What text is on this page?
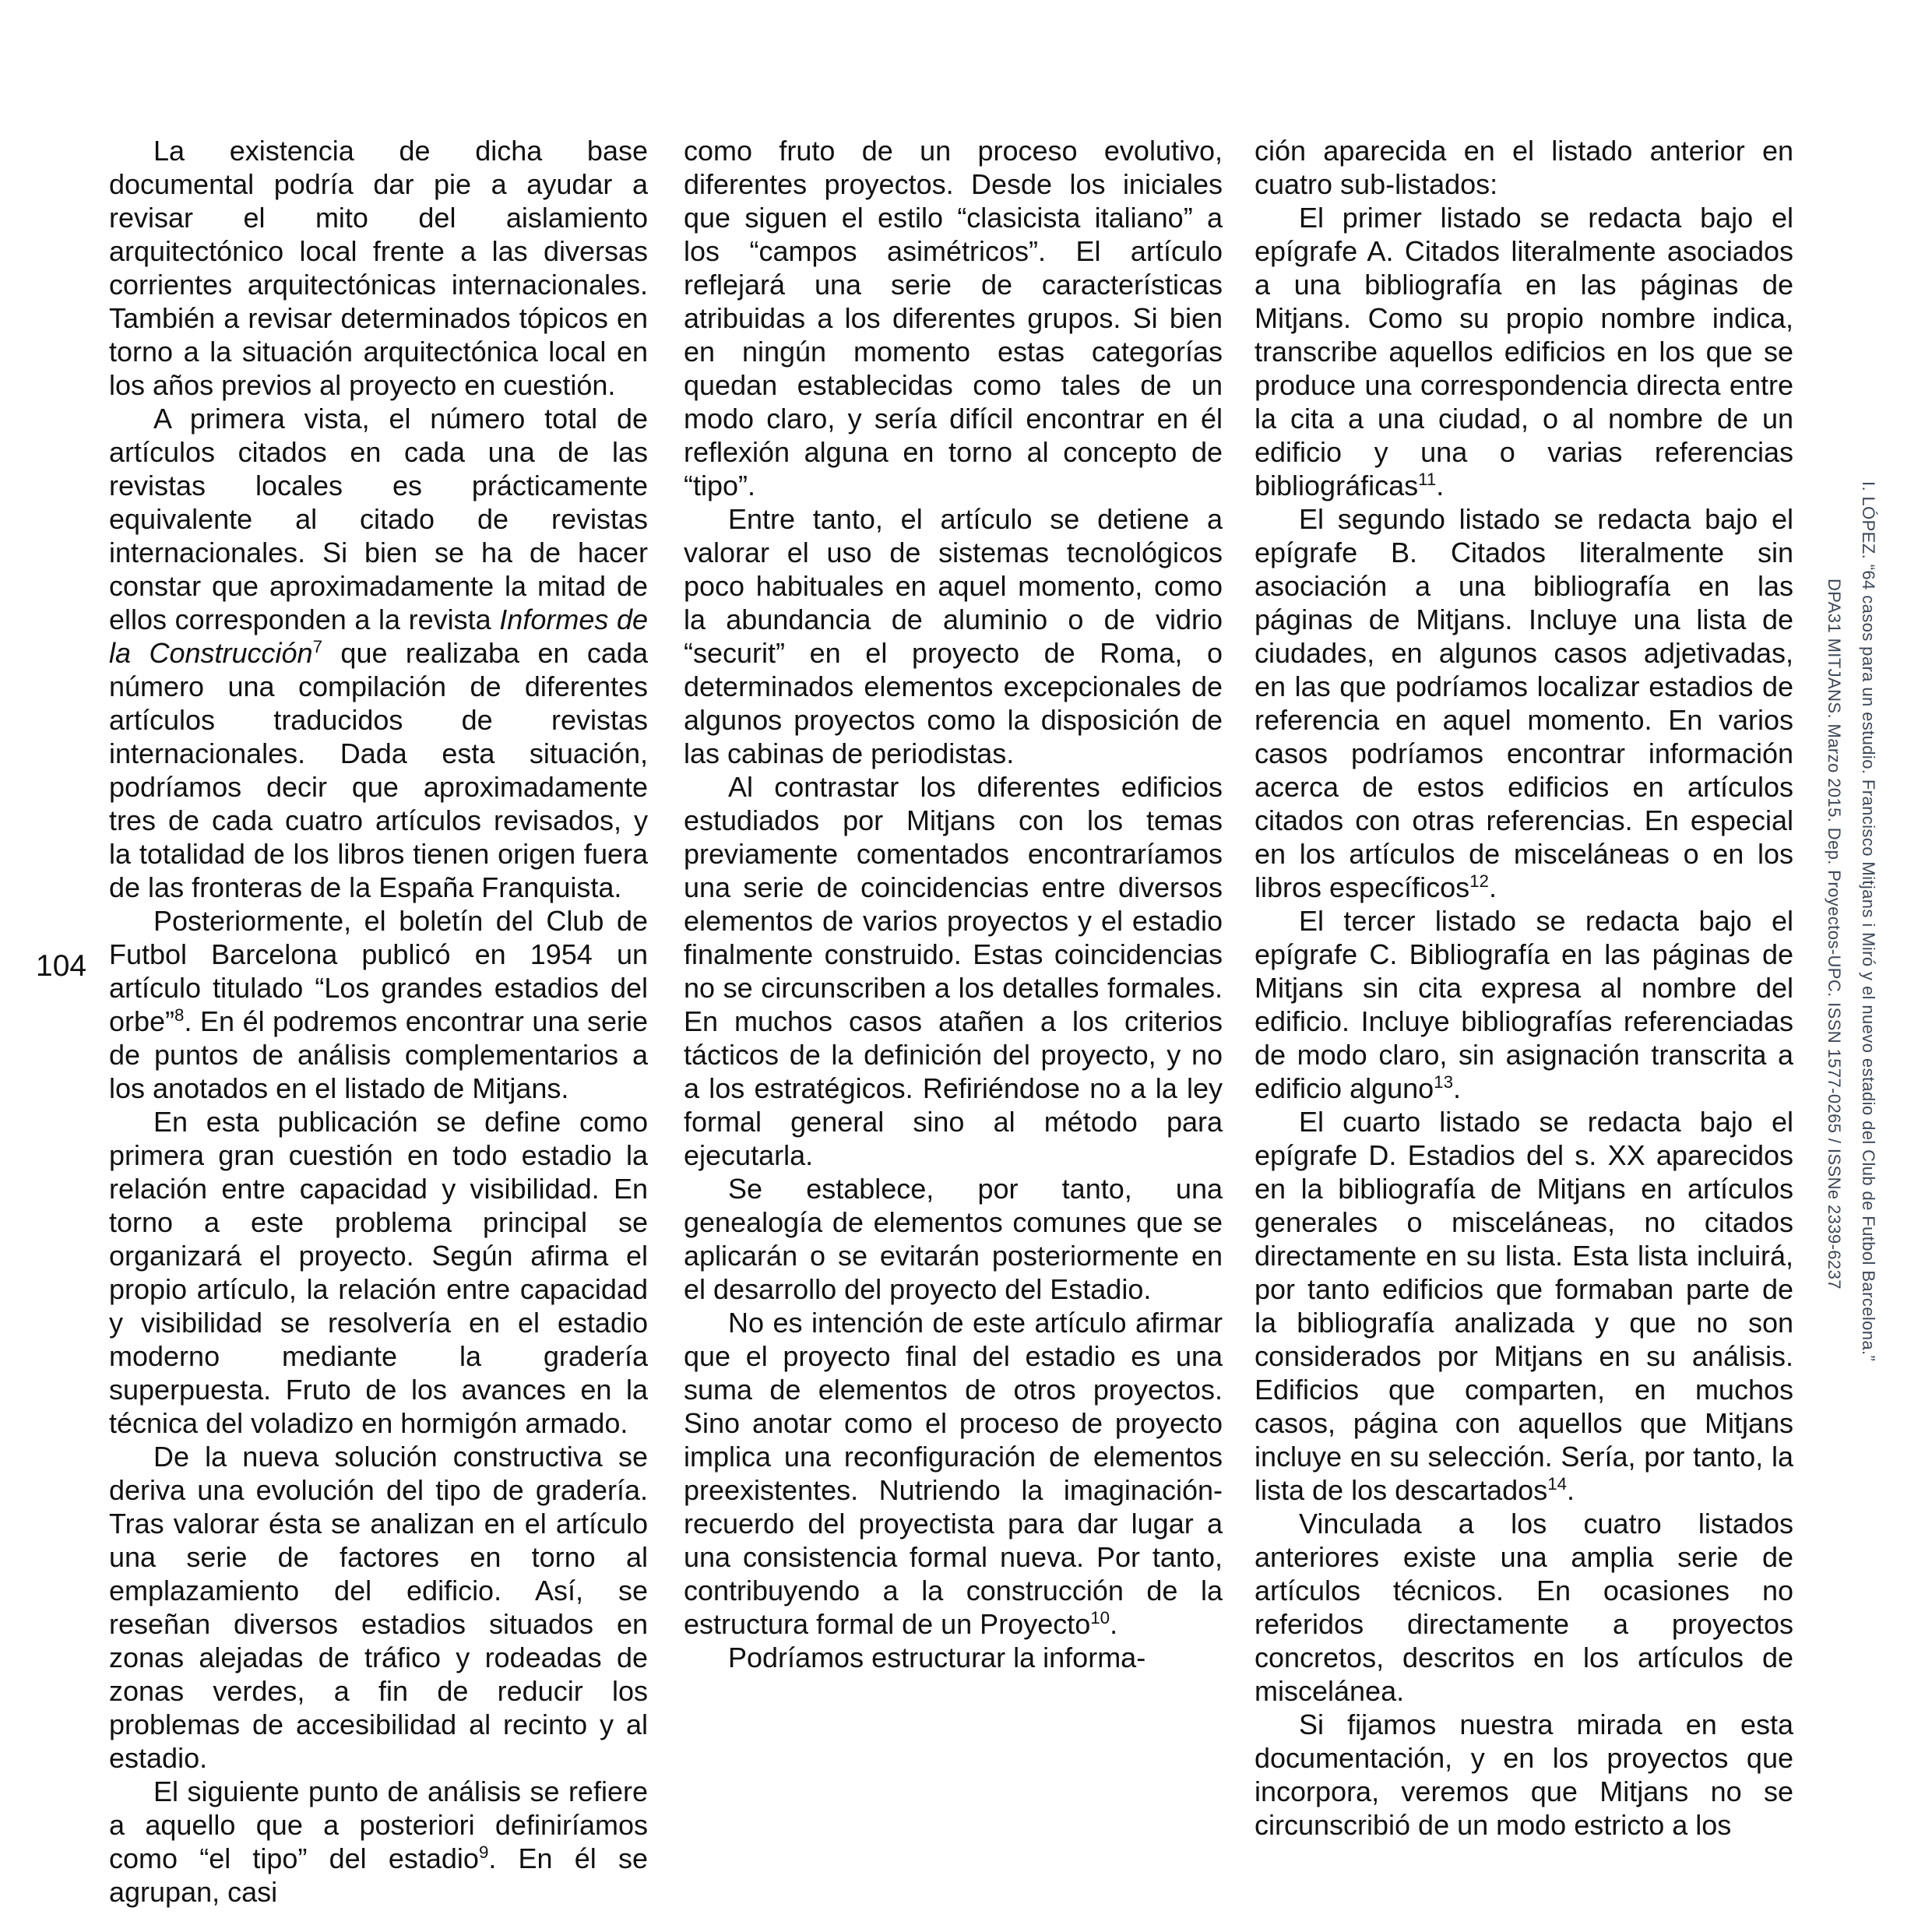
104

La existencia de dicha base documental podría dar pie a ayudar a revisar el mito del aislamiento arquitectónico local frente a las diversas corrientes arquitectónicas internacionales. También a revisar determinados tópicos en torno a la situación arquitectónica local en los años previos al proyecto en cuestión.

A primera vista, el número total de artículos citados en cada una de las revistas locales es prácticamente equivalente al citado de revistas internacionales. Si bien se ha de hacer constar que aproximadamente la mitad de ellos corresponden a la revista Informes de la Construcción$^7$ que realizaba en cada número una compilación de diferentes artículos traducidos de revistas internacionales. Dada esta situación, podríamos decir que aproximadamente tres de cada cuatro artículos revisados, y la totalidad de los libros tienen origen fuera de las fronteras de la España Franquista.

Posteriormente, el boletín del Club de Futbol Barcelona publicó en 1954 un artículo titulado “Los grandes estadios del orbe”$^8$. En él podremos encontrar una serie de puntos de análisis complementarios a los anotados en el listado de Mitjans.

En esta publicación se define como primera gran cuestión en todo estadio la relación entre capacidad y visibilidad. En torno a este problema principal se organizará el proyecto. Según afirma el propio artículo, la relación entre capacidad y visibilidad se resolvería en el estadio moderno mediante la gradería superpuesta. Fruto de los avances en la técnica del voladizo en hormigón armado.

De la nueva solución constructiva se deriva una evolución del tipo de gradería. Tras valorar ésta se analizan en el artículo una serie de factores en torno al emplazamiento del edificio. Así, se reseñan diversos estadios situados en zonas alejadas de tráfico y rodeadas de zonas verdes, a fin de reducir los problemas de accesibilidad al recinto y al estadio.

El siguiente punto de análisis se refiere a aquello que a posteriori definiríamos como “el tipo” del estadio$^9$. En él se agrupan, casi

como fruto de un proceso evolutivo, diferentes proyectos. Desde los iniciales que siguen el estilo “clasicista italiano” a los “campos asimétricos”. El artículo reflejará una serie de características atribuidas a los diferentes grupos. Si bien en ningún momento estas categorías quedan establecidas como tales de un modo claro, y sería difícil encontrar en él reflexión alguna en torno al concepto de “tipo”.

Entre tanto, el artículo se detiene a valorar el uso de sistemas tecnológicos poco habituales en aquel momento, como la abundancia de aluminio o de vidrio “securit” en el proyecto de Roma, o determinados elementos excepcionales de algunos proyectos como la disposición de las cabinas de periodistas.

Al contrastar los diferentes edificios estudiados por Mitjans con los temas previamente comentados encontraríamos una serie de coincidencias entre diversos elementos de varios proyectos y el estadio finalmente construido. Estas coincidencias no se circunscriben a los detalles formales. En muchos casos atañen a los criterios tácticos de la definición del proyecto, y no a los estratégicos. Refiriéndose no a la ley formal general sino al método para ejecutarla.

Se establece, por tanto, una genealogía de elementos comunes que se aplicarán o se evitarán posteriormente en el desarrollo del proyecto del Estadio.

No es intención de este artículo afirmar que el proyecto final del estadio es una suma de elementos de otros proyectos. Sino anotar como el proceso de proyecto implica una reconfiguración de elementos preexistentes. Nutriendo la imaginación-recuerdo del proyectista para dar lugar a una consistencia formal nueva. Por tanto, contribuyendo a la construcción de la estructura formal de un Proyecto$^{10}$.

Podríamos estructurar la informa-

ción aparecida en el listado anterior en cuatro sub-listados:

El primer listado se redacta bajo el epígrafe A. Citados literalmente asociados a una bibliografía en las páginas de Mitjans. Como su propio nombre indica, transcribe aquellos edificios en los que se produce una correspondencia directa entre la cita a una ciudad, o al nombre de un edificio y una o varias referencias bibliográficas$^{11}$.

El segundo listado se redacta bajo el epígrafe B. Citados literalmente sin asociación a una bibliografía en las páginas de Mitjans. Incluye una lista de ciudades, en algunos casos adjetivadas, en las que podríamos localizar estadios de referencia en aquel momento. En varios casos podríamos encontrar información acerca de estos edificios en artículos citados con otras referencias. En especial en los artículos de misceláneas o en los libros específicos$^{12}$.

El tercer listado se redacta bajo el epígrafe C. Bibliografía en las páginas de Mitjans sin cita expresa al nombre del edificio. Incluye bibliografías referenciadas de modo claro, sin asignación transcrita a edificio alguno$^{13}$.

El cuarto listado se redacta bajo el epígrafe D. Estadios del s. XX aparecidos en la bibliografía de Mitjans en artículos generales o misceláneas, no citados directamente en su lista. Esta lista incluirá, por tanto edificios que formaban parte de la bibliografía analizada y que no son considerados por Mitjans en su análisis. Edificios que comparten, en muchos casos, página con aquellos que Mitjans incluye en su selección. Sería, por tanto, la lista de los descartados$^{14}$.

Vinculada a los cuatro listados anteriores existe una amplia serie de artículos técnicos. En ocasiones no referidos directamente a proyectos concretos, descritos en los artículos de miscelánea.

Si fijamos nuestra mirada en esta documentación, y en los proyectos que incorpora, veremos que Mitjans no se circunscribió de un modo estricto a los

I. LÓPEZ. “64 casos para un estudio. Francisco Mitjans i Miró y el nuevo estadio del Club de Futbol Barcelona.”
DPA31 MITJANS. Marzo 2015. Dep. Proyectos-UPC. ISSN 1577-0265 / ISSNe 2339-6237
